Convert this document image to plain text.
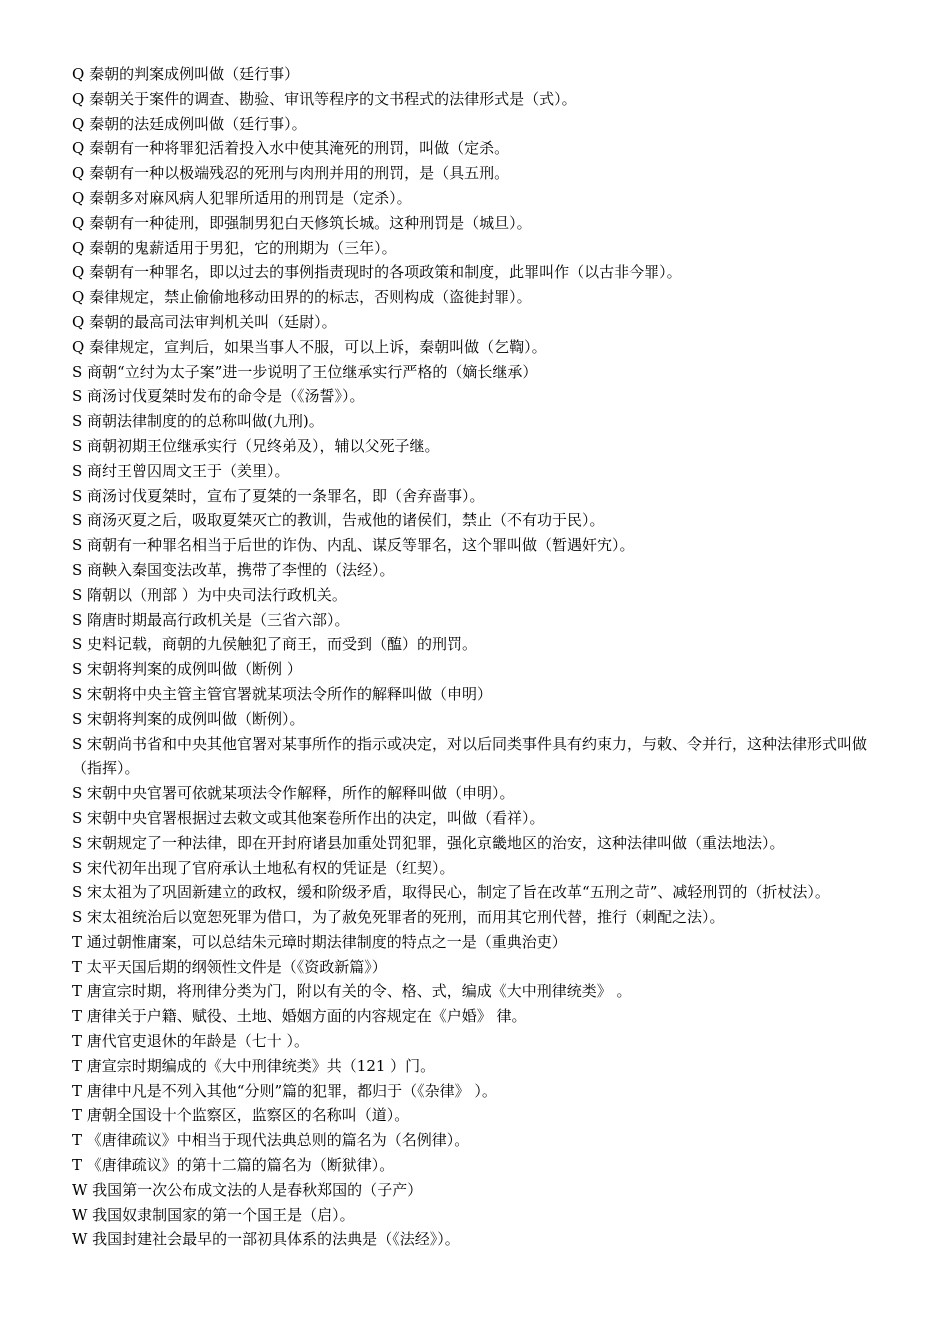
Q 秦朝的判案成例叫做（廷行事）
Q 秦朝关于案件的调查、勘验、审讯等程序的文书程式的法律形式是（式）。
Q 秦朝的法廷成例叫做（廷行事）。
Q 秦朝有一种将罪犯活着投入水中使其淹死的刑罚，叫做（定杀。
Q 秦朝有一种以极端残忍的死刑与肉刑并用的刑罚，是（具五刑。
Q 秦朝多对麻风病人犯罪所适用的刑罚是（定杀）。
Q 秦朝有一种徒刑，即强制男犯白天修筑长城。这种刑罚是（城旦）。
Q 秦朝的鬼薪适用于男犯，它的刑期为（三年）。
Q 秦朝有一种罪名，即以过去的事例指责现时的各项政策和制度，此罪叫作（以古非今罪）。
Q 秦律规定，禁止偷偷地移动田界的的标志，否则构成（盗徙封罪）。
Q 秦朝的最高司法审判机关叫（廷尉）。
Q 秦律规定，宣判后，如果当事人不服，可以上诉，秦朝叫做（乞鞫）。
S 商朝“立纣为太子案”进一步说明了王位继承实行严格的（嫡长继承）
S 商汤讨伐夏桀时发布的命令是（《汤誓》）。
S 商朝法律制度的的总称叫做(九刑)。
S 商朝初期王位继承实行（兄终弟及），辅以父死子继。
S 商纣王曾囚周文王于（羑里）。
S 商汤讨伐夏桀时，宣布了夏桀的一条罪名，即（舍弃啬事）。
S 商汤灭夏之后，吸取夏桀灭亡的教训，告戒他的诸侯们，禁止（不有功于民）。
S 商朝有一种罪名相当于后世的诈伪、内乱、谋反等罪名，这个罪叫做（暂遇奸宄）。
S 商鞅入秦国变法改革，携带了李悝的（法经）。
S 隋朝以（刑部 ）为中央司法行政机关。
S 隋唐时期最高行政机关是（三省六部）。
S 史料记载，商朝的九侯触犯了商王，而受到（醢）的刑罚。
S 宋朝将判案的成例叫做（断例 ）
S 宋朝将中央主管主管官署就某项法令所作的解释叫做（申明）
S 宋朝将判案的成例叫做（断例）。
S 宋朝尚书省和中央其他官署对某事所作的指示或决定，对以后同类事件具有约束力，与敕、令并行，这种法律形式叫做（指挥）。
S 宋朝中央官署可依就某项法令作解释，所作的解释叫做（申明）。
S 宋朝中央官署根据过去敕文或其他案卷所作出的决定，叫做（看祥）。
S 宋朝规定了一种法律，即在开封府诸县加重处罚犯罪，强化京畿地区的治安，这种法律叫做（重法地法）。
S 宋代初年出现了官府承认土地私有权的凭证是（红契）。
S 宋太祖为了巩固新建立的政权，缓和阶级矛盾，取得民心，制定了旨在改革“五刑之苛”、减轻刑罚的（折杖法）。
S 宋太祖统治后以宽恕死罪为借口，为了赦免死罪者的死刑，而用其它刑代替，推行（刺配之法）。
T 通过朝惟庸案，可以总结朱元璋时期法律制度的特点之一是（重典治吏）
T 太平天国后期的纲领性文件是（《资政新篇》）
T 唐宣宗时期，将刑律分类为门，附以有关的令、格、式，编成《大中刑律统类》 。
T 唐律关于户籍、赋役、土地、婚姻方面的内容规定在《户婚》 律。
T 唐代官吏退休的年龄是（七十 ）。
T 唐宣宗时期编成的《大中刑律统类》共（121 ）门。
T 唐律中凡是不列入其他“分则”篇的犯罪，都归于（《杂律》 ）。
T 唐朝全国设十个监察区，监察区的名称叫（道）。
T 《唐律疏议》中相当于现代法典总则的篇名为（名例律）。
T 《唐律疏议》的第十二篇的篇名为（断狱律）。
W 我国第一次公布成文法的人是春秋郑国的（子产）
W 我国奴隶制国家的第一个国王是（启）。
W 我国封建社会最早的一部初具体系的法典是（《法经》）。
